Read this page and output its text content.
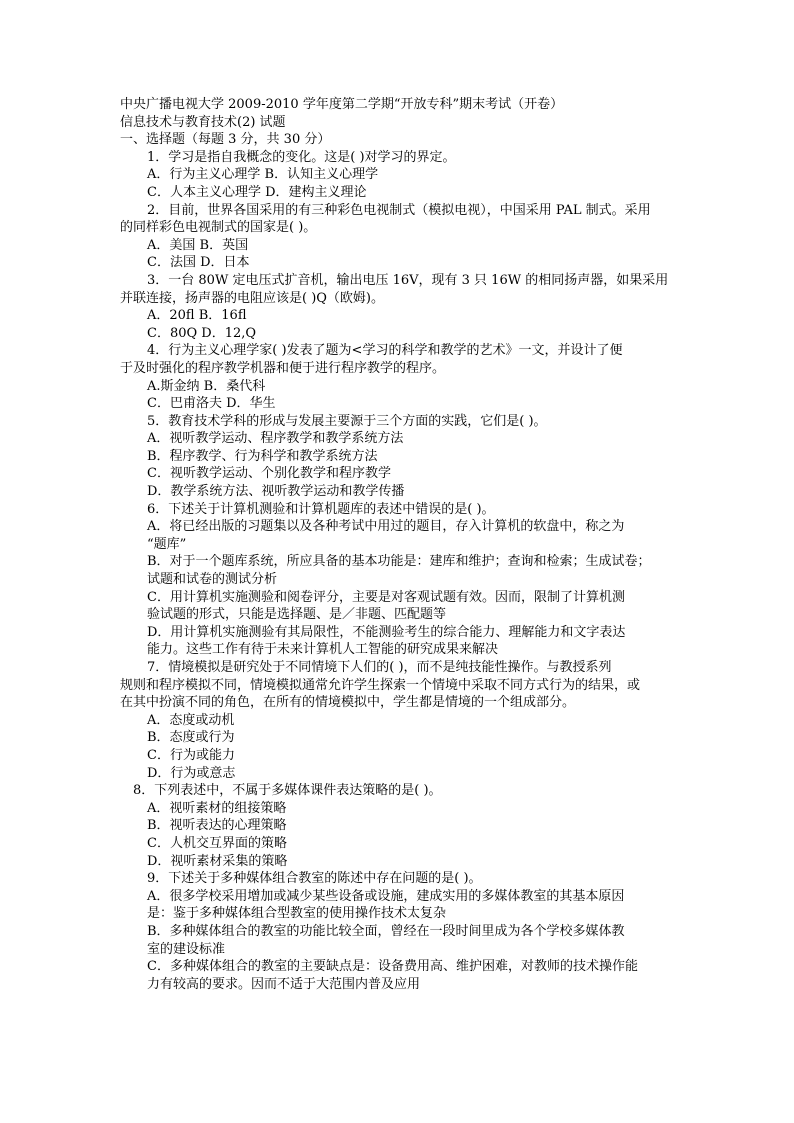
中央广播电视大学 2009-2010 学年度第二学期“开放专科”期末考试（开卷）
信息技术与教育技术(2) 试题
一、选择题（每题 3 分，共 30 分）
1．学习是指自我概念的变化。这是( )对学习的界定。
A．行为主义心理学 B．认知主义心理学
C．人本主义心理学 D．建构主义理论
2．目前，世界各国采用的有三种彩色电视制式（模拟电视），中国采用 PAL 制式。采用
的同样彩色电视制式的国家是( )。
A．美国 B．英国
C．法国 D．日本
3．一台 80W 定电压式扩音机，输出电压 16V，现有 3 只 16W 的相同扬声器，如果采用
并联连接，扬声器的电阻应该是( )Q（欧姆)。
A．20fl B．16fl
C．80Q D．12,Q
4．行为主义心理学家( )发表了题为<学习的科学和教学的艺术》一文，并设计了便
于及时强化的程序教学机器和便于进行程序教学的程序。
A.斯金纳 B．桑代科
C．巴甫洛夫 D．华生
5．教育技术学科的形成与发展主要源于三个方面的实践，它们是( )。
A．视听教学运动、程序教学和教学系统方法
B．程序教学、行为科学和教学系统方法
C．视听教学运动、个别化教学和程序教学
D．教学系统方法、视听教学运动和教学传播
6．下述关于计算机测验和计算机题库的表述中错误的是( )。
A．将已经出版的习题集以及各种考试中用过的题目，存入计算机的软盘中，称之为
“题库”
B．对于一个题库系统，所应具备的基本功能是：建库和维护；查询和检索；生成试卷；
试题和试卷的测试分析
C．用计算机实施测验和阅卷评分，主要是对客观试题有效。因而，限制了计算机测
验试题的形式，只能是选择题、是／非题、匹配题等
D．用计算机实施测验有其局限性，不能测验考生的综合能力、理解能力和文字表达
能力。这些工作有待于未来计算机人工智能的研究成果来解决
7．情境模拟是研究处于不同情境下人们的( )，而不是纯技能性操作。与教授系列
规则和程序模拟不同，情境模拟通常允许学生探索一个情境中采取不同方式行为的结果，或
在其中扮演不同的角色，在所有的情境模拟中，学生都是情境的一个组成部分。
A．态度或动机
B．态度或行为
C．行为或能力
D．行为或意志
8．下列表述中，不属于多媒体课件表达策略的是( )。
A．视听素材的组接策略
B．视听表达的心理策略
C．人机交互界面的策略
D．视听素材采集的策略
9．下述关于多种媒体组合教室的陈述中存在问题的是( )。
A．很多学校采用增加或减少某些设备或设施，建成实用的多媒体教室的其基本原因
是：鉴于多种媒体组合型教室的使用操作技术太复杂
B．多种媒体组合的教室的功能比较全面，曾经在一段时间里成为各个学校多媒体教
室的建设标准
C．多种媒体组合的教室的主要缺点是：设备费用高、维护困难，对教师的技术操作能
力有较高的要求。因而不适于大范围内普及应用
